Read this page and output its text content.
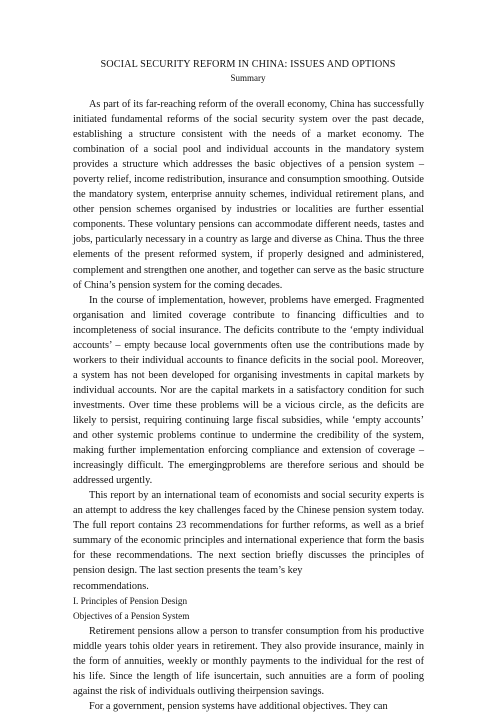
SOCIAL SECURITY REFORM IN CHINA: ISSUES AND OPTIONS
Summary

As part of its far-reaching reform of the overall economy, China has successfully initiated fundamental reforms of the social security system over the past decade, establishing a structure consistent with the needs of a market economy. The combination of a social pool and individual accounts in the mandatory system provides a structure which addresses the basic objectives of a pension system – poverty relief, income redistribution, insurance and consumption smoothing. Outside the mandatory system, enterprise annuity schemes, individual retirement plans, and other pension schemes organised by industries or localities are further essential components. These voluntary pensions can accommodate different needs, tastes and jobs, particularly necessary in a country as large and diverse as China. Thus the three elements of the present reformed system, if properly designed and administered, complement and strengthen one another, and together can serve as the basic structure of China’s pension system for the coming decades.

In the course of implementation, however, problems have emerged. Fragmented organisation and limited coverage contribute to financing difficulties and to incompleteness of social insurance. The deficits contribute to the ‘empty individual accounts’ – empty because local governments often use the contributions made by workers to their individual accounts to finance deficits in the social pool. Moreover, a system has not been developed for organising investments in capital markets by individual accounts. Nor are the capital markets in a satisfactory condition for such investments. Over time these problems will be a vicious circle, as the deficits are likely to persist, requiring continuing large fiscal subsidies, while ‘empty accounts’ and other systemic problems continue to undermine the credibility of the system, making further implementation enforcing compliance and extension of coverage – increasingly difficult. The emergingproblems are therefore serious and should be addressed urgently.

This report by an international team of economists and social security experts is an attempt to address the key challenges faced by the Chinese pension system today. The full report contains 23 recommendations for further reforms, as well as a brief summary of the economic principles and international experience that form the basis for these recommendations. The next section briefly discusses the principles of pension design. The last section presents the team’s key

recommendations.

I. Principles of Pension Design
Objectives of a Pension System

Retirement pensions allow a person to transfer consumption from his productive middle years tohis older years in retirement. They also provide insurance, mainly in the form of annuities, weekly or monthly payments to the individual for the rest of his life. Since the length of life isuncertain, such annuities are a form of pooling against the risk of individuals outliving theirpension savings.

For a government, pension systems have additional objectives. They can
